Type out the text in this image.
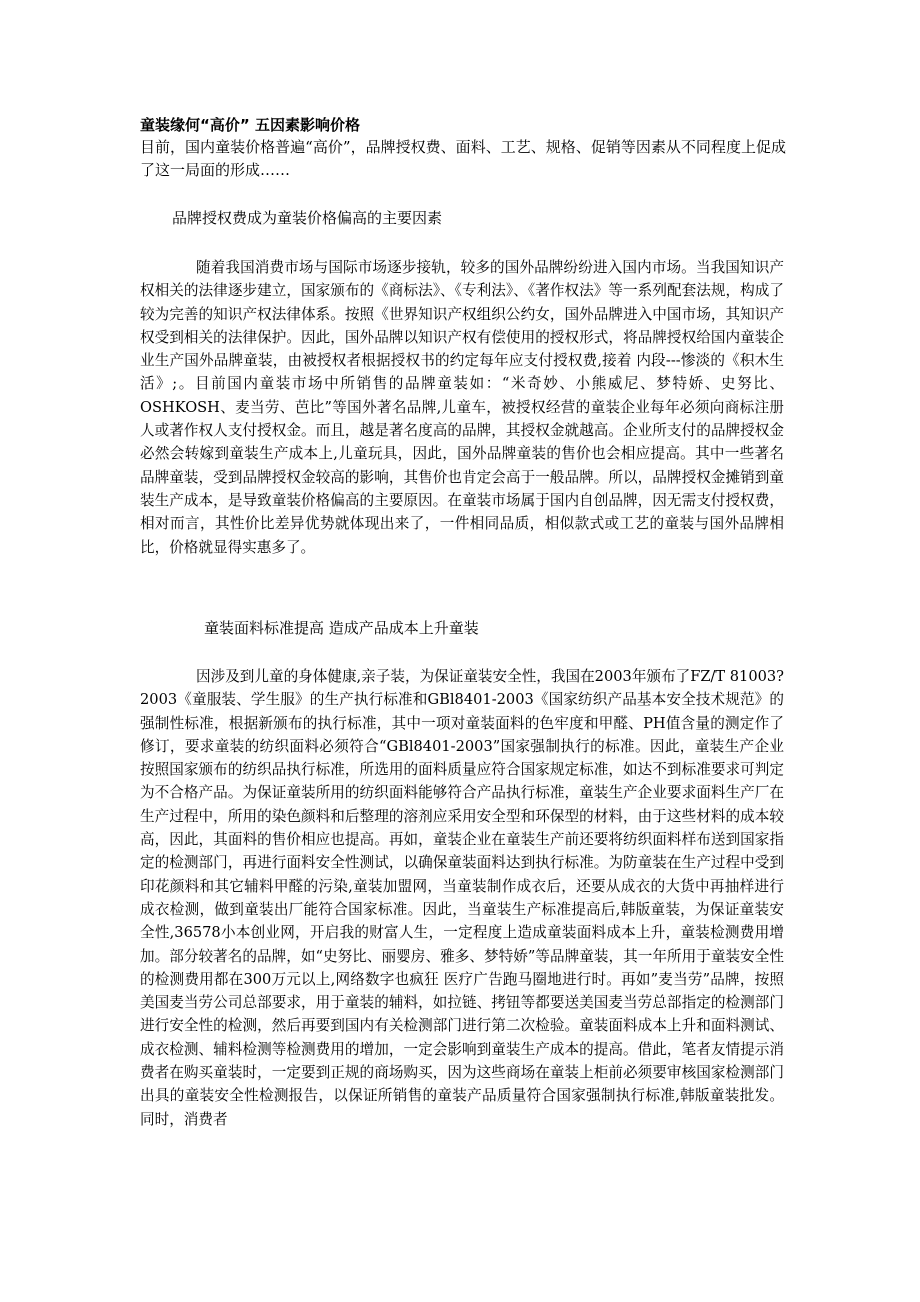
童装缘何“高价” 五因素影响价格

目前，国内童装价格普遍“高价”，品牌授权费、面料、工艺、规格、促销等因素从不同程度上促成了这一局面的形成……

品牌授权费成为童装价格偏高的主要因素

随着我国消费市场与国际市场逐步接轨，较多的国外品牌纷纷进入国内市场。当我国知识产权相关的法律逐步建立，国家颁布的《商标法》、《专利法》、《著作权法》等一系列配套法规，构成了较为完善的知识产权法律体系。按照《世界知识产权组织公约女，国外品牌进入中国市场，其知识产权受到相关的法律保护。因此，国外品牌以知识产权有偿使用的授权形式，将品牌授权给国内童装企业生产国外品牌童装，由被授权者根据授权书的约定每年应支付授权费,接着 内段---惨淡的《积木生活》;。目前国内童装市场中所销售的品牌童装如：“米奇妙、小熊威尼、梦特娇、史努比、OSHKOSH、麦当劳、芭比”等国外著名品牌,儿童车，被授权经营的童装企业每年必须向商标注册人或著作权人支付授权金。而且，越是著名度高的品牌，其授权金就越高。企业所支付的品牌授权金必然会转嫁到童装生产成本上,儿童玩具，因此，国外品牌童装的售价也会相应提高。其中一些著名品牌童装，受到品牌授权金较高的影响，其售价也肯定会高于一般品牌。所以，品牌授权金摊销到童装生产成本，是导致童装价格偏高的主要原因。在童装市场属于国内自创品牌，因无需支付授权费，相对而言，其性价比差异优势就体现出来了，一件相同品质，相似款式或工艺的童装与国外品牌相比，价格就显得实惠多了。

童装面料标准提高 造成产品成本上升童装

因涉及到儿童的身体健康,亲子装，为保证童装安全性，我国在2003年颁布了FZ/T 81003?2003《童服装、学生服》的生产执行标准和GBl8401-2003《国家纺织产品基本安全技术规范》的强制性标准，根据新颁布的执行标准，其中一项对童装面料的色牢度和甲醛、PH值含量的测定作了修订，要求童装的纺织面料必须符合“GBl8401-2003”国家强制执行的标准。因此，童装生产企业按照国家颁布的纺织品执行标准，所选用的面料质量应符合国家规定标准，如达不到标准要求可判定为不合格产品。为保证童装所用的纺织面料能够符合产品执行标准，童装生产企业要求面料生产厂在生产过程中，所用的染色颜料和后整理的溶剂应采用安全型和环保型的材料，由于这些材料的成本较高，因此，其面料的售价相应也提高。再如，童装企业在童装生产前还要将纺织面料样布送到国家指定的检测部门，再进行面料安全性测试，以确保童装面料达到执行标准。为防童装在生产过程中受到印花颜料和其它辅料甲醛的污染,童装加盟网，当童装制作成衣后，还要从成衣的大货中再抽样进行成衣检测，做到童装出厂能符合国家标准。因此，当童装生产标准提高后,韩版童装，为保证童装安全性,36578小本创业网，开启我的财富人生，一定程度上造成童装面料成本上升，童装检测费用增加。部分较著名的品牌，如“史努比、丽婴房、雅多、梦特娇”等品牌童装，其一年所用于童装安全性的检测费用都在300万元以上,网络数字也疯狂 医疗广告跑马圈地进行时。再如”麦当劳”品牌，按照美国麦当劳公司总部要求，用于童装的辅料，如拉链、拷钮等都要送美国麦当劳总部指定的检测部门进行安全性的检测，然后再要到国内有关检测部门进行第二次检验。童装面料成本上升和面料测试、成衣检测、辅料检测等检测费用的增加，一定会影响到童装生产成本的提高。借此，笔者友情提示消费者在购买童装时，一定要到正规的商场购买，因为这些商场在童装上柜前必须要审核国家检测部门出具的童装安全性检测报告，以保证所销售的童装产品质量符合国家强制执行标准,韩版童装批发。同时，消费者
